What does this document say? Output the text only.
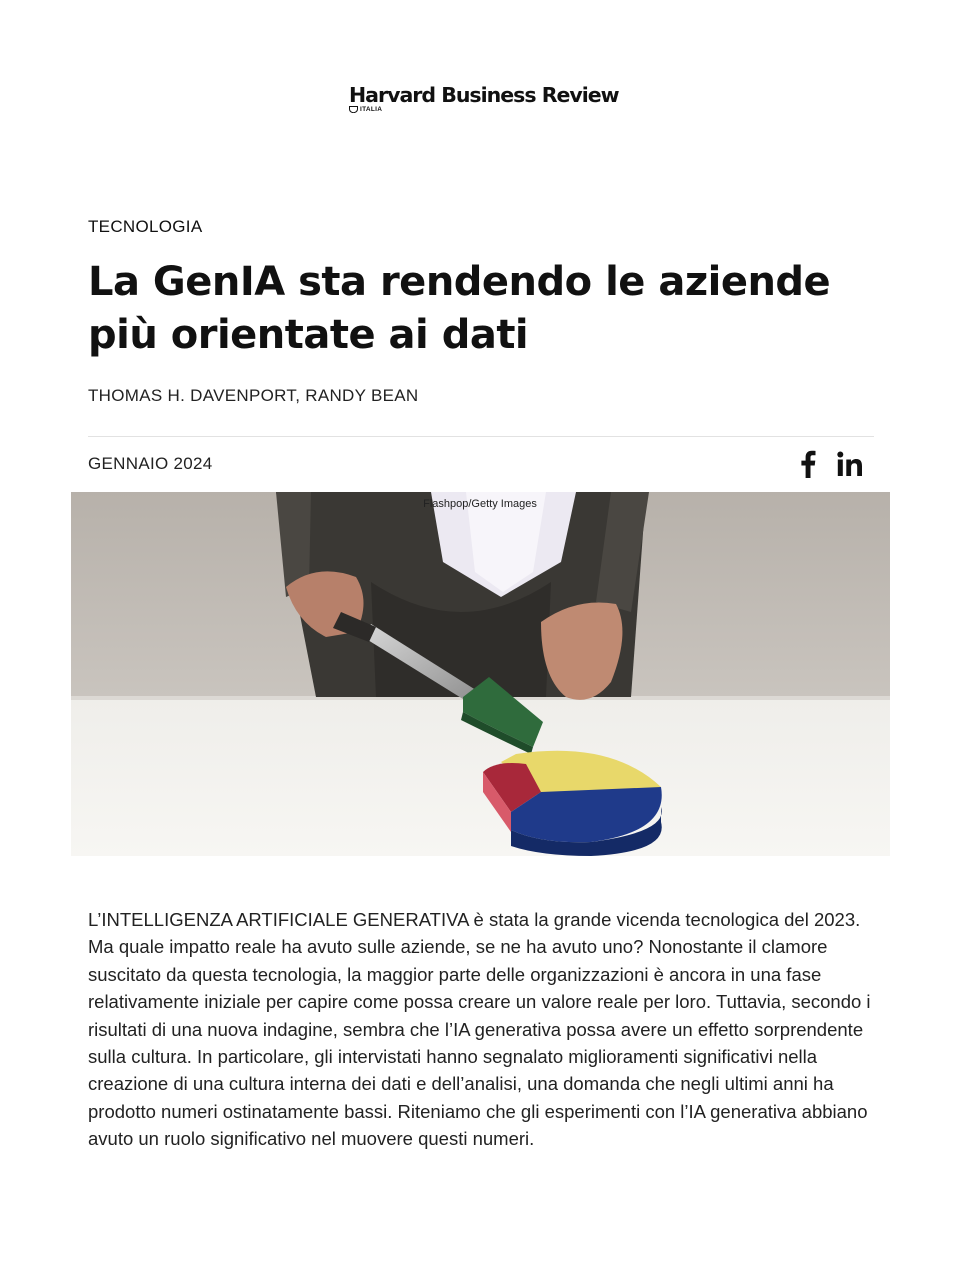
Harvard Business Review
ITALIA
TECNOLOGIA
La GenIA sta rendendo le aziende più orientate ai dati
THOMAS H. DAVENPORT, RANDY BEAN
GENNAIO 2024
Flashpop/Getty Images

L’INTELLIGENZA ARTIFICIALE GENERATIVA è stata la grande vicenda tecnologica del 2023. Ma quale impatto reale ha avuto sulle aziende, se ne ha avuto uno? Nonostante il clamore suscitato da questa tecnologia, la maggior parte delle organizzazioni è ancora in una fase relativamente iniziale per capire come possa creare un valore reale per loro. Tuttavia, secondo i risultati di una nuova indagine, sembra che l’IA generativa possa avere un effetto sorprendente sulla cultura. In particolare, gli intervistati hanno segnalato miglioramenti significativi nella creazione di una cultura interna dei dati e dell’analisi, una domanda che negli ultimi anni ha prodotto numeri ostinatamente bassi. Riteniamo che gli esperimenti con l’IA generativa abbiano avuto un ruolo significativo nel muovere questi numeri.
